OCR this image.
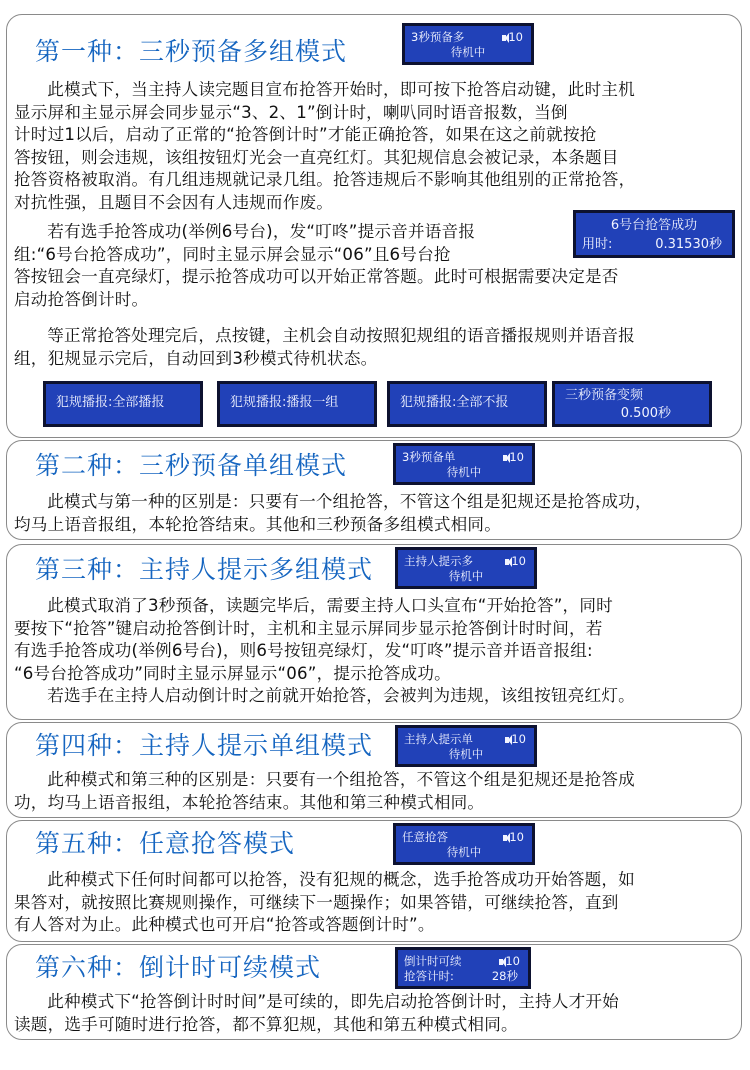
第一种：三秒预备多组模式	3秒预备多	10
待机中
此模式下，当主持人读完题目宣布抢答开始时，即可按下抢答启动键，此时主机
显示屏和主显示屏会同步显示“3、2、1”倒计时，喇叭同时语音报数，当倒
计时过1以后，启动了正常的“抢答倒计时”才能正确抢答，如果在这之前就按抢
答按钮，则会违规，该组按钮灯光会一直亮红灯。其犯规信息会被记录，本条题目
抢答资格被取消。有几组违规就记录几组。抢答违规后不影响其他组别的正常抢答，
对抗性强，且题目不会因有人违规而作废。
若有选手抢答成功(举例6号台)，发“叮咚”提示音并语音报
组:“6号台抢答成功”，同时主显示屏会显示“06”且6号台抢
答按钮会一直亮绿灯，提示抢答成功可以开始正常答题。此时可根据需要决定是否
启动抢答倒计时。
6号台抢答成功
用时:	0.31530秒
等正常抢答处理完后，点按键，主机会自动按照犯规组的语音播报规则并语音报
组，犯规显示完后，自动回到3秒模式待机状态。
犯规播报:全部播报	犯规播报:播报一组	犯规播报:全部不报	三秒预备变频
0.500秒
第二种：三秒预备单组模式	3秒预备单	10
待机中
此模式与第一种的区别是：只要有一个组抢答，不管这个组是犯规还是抢答成功，
均马上语音报组，本轮抢答结束。其他和三秒预备多组模式相同。
第三种：主持人提示多组模式	主持人提示多	10
待机中
此模式取消了3秒预备，读题完毕后，需要主持人口头宣布“开始抢答”，同时
要按下“抢答”键启动抢答倒计时，主机和主显示屏同步显示抢答倒计时时间，若
有选手抢答成功(举例6号台)，则6号按钮亮绿灯，发“叮咚”提示音并语音报组:
“6号台抢答成功”同时主显示屏显示“06”，提示抢答成功。
若选手在主持人启动倒计时之前就开始抢答，会被判为违规，该组按钮亮红灯。
第四种：主持人提示单组模式	主持人提示单	10
待机中
此种模式和第三种的区别是：只要有一个组抢答，不管这个组是犯规还是抢答成
功，均马上语音报组，本轮抢答结束。其他和第三种模式相同。
第五种：任意抢答模式	任意抢答	10
待机中
此种模式下任何时间都可以抢答，没有犯规的概念，选手抢答成功开始答题，如
果答对，就按照比赛规则操作，可继续下一题操作；如果答错，可继续抢答，直到
有人答对为止。此种模式也可开启“抢答或答题倒计时”。
第六种：倒计时可续模式	倒计时可续	10
抢答计时:	28秒
此种模式下“抢答倒计时时间”是可续的，即先启动抢答倒计时，主持人才开始
读题，选手可随时进行抢答，都不算犯规，其他和第五种模式相同。
